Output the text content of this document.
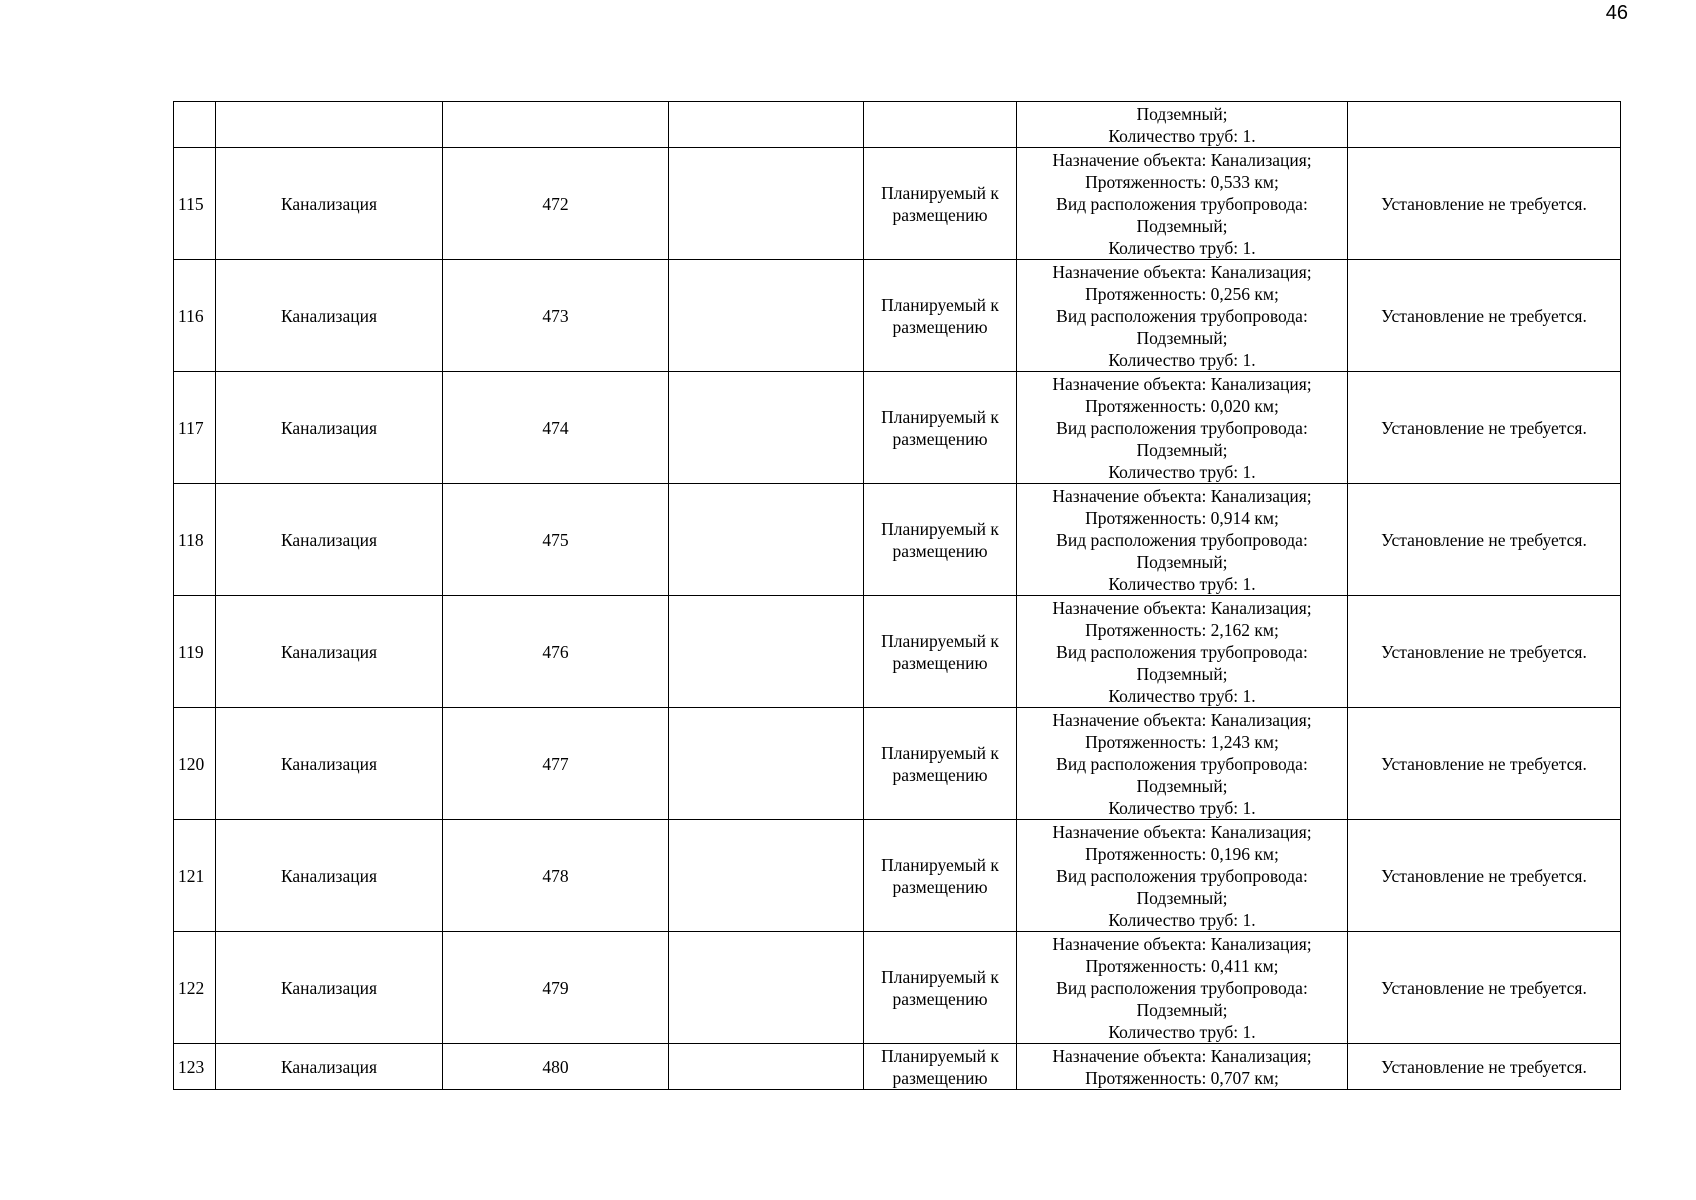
46

					Подземный;
Количество труб: 1.	

115	Канализация	472		Планируемый к размещению	Назначение объекта: Канализация;
Протяженность: 0,533 км;
Вид расположения трубопровода:
Подземный;
Количество труб: 1.	Установление не требуется.
116	Канализация	473		Планируемый к размещению	Назначение объекта: Канализация;
Протяженность: 0,256 км;
Вид расположения трубопровода:
Подземный;
Количество труб: 1.	Установление не требуется.
117	Канализация	474		Планируемый к размещению	Назначение объекта: Канализация;
Протяженность: 0,020 км;
Вид расположения трубопровода:
Подземный;
Количество труб: 1.	Установление не требуется.
118	Канализация	475		Планируемый к размещению	Назначение объекта: Канализация;
Протяженность: 0,914 км;
Вид расположения трубопровода:
Подземный;
Количество труб: 1.	Установление не требуется.
119	Канализация	476		Планируемый к размещению	Назначение объекта: Канализация;
Протяженность: 2,162 км;
Вид расположения трубопровода:
Подземный;
Количество труб: 1.	Установление не требуется.
120	Канализация	477		Планируемый к размещению	Назначение объекта: Канализация;
Протяженность: 1,243 км;
Вид расположения трубопровода:
Подземный;
Количество труб: 1.	Установление не требуется.
121	Канализация	478		Планируемый к размещению	Назначение объекта: Канализация;
Протяженность: 0,196 км;
Вид расположения трубопровода:
Подземный;
Количество труб: 1.	Установление не требуется.
122	Канализация	479		Планируемый к размещению	Назначение объекта: Канализация;
Протяженность: 0,411 км;
Вид расположения трубопровода:
Подземный;
Количество труб: 1.	Установление не требуется.
123	Канализация	480		Планируемый к размещению	Назначение объекта: Канализация;
Протяженность: 0,707 км;	Установление не требуется.
